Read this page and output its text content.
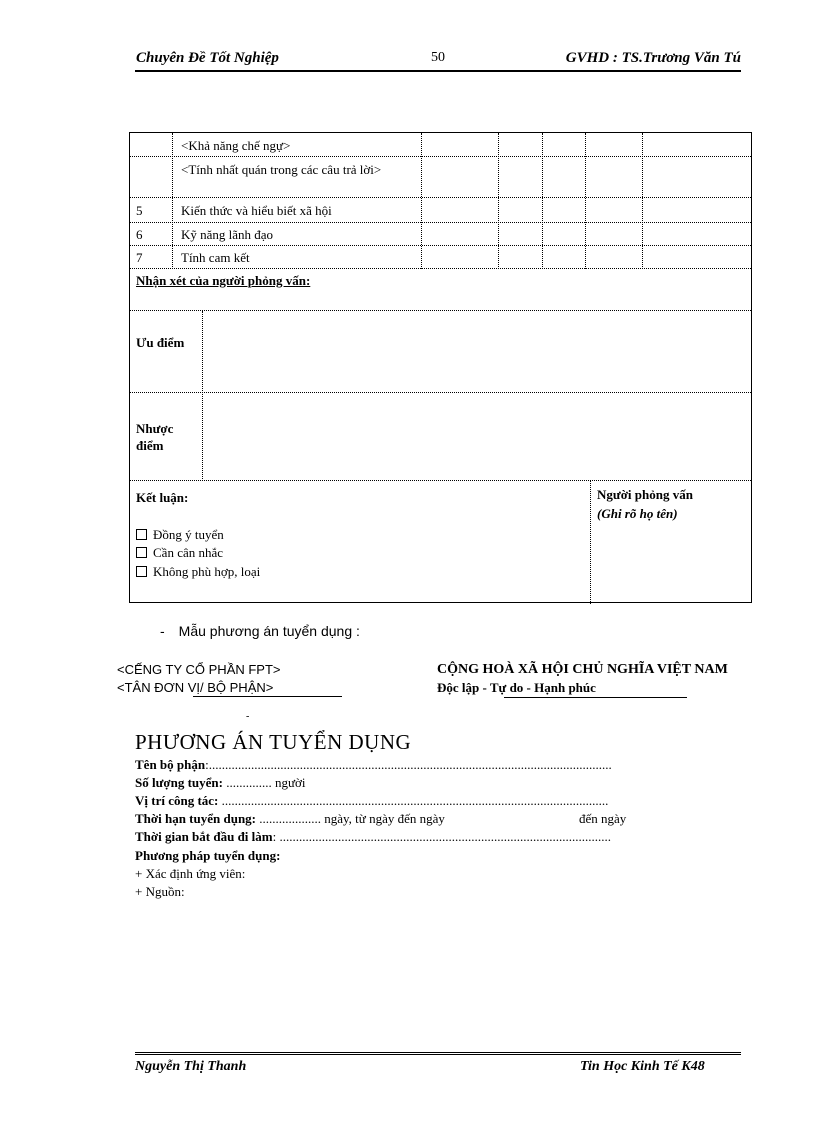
Chuyên Đề Tốt Nghiệp	50	GVHD : TS.Trương Văn Tú
<Khả năng chế ngự>
<Tính nhất quán trong các câu trả lời>
5	Kiến thức và hiểu biết xã hội
6	Kỹ năng lãnh đạo
7	Tính cam kết
Nhận xét của người phỏng vấn:
Ưu điểm
Nhược điểm
Kết luận:
Đồng ý tuyển
Cần cân nhắc
Không phù hợp, loại
Người phỏng vấn
(Ghi rõ họ tên)
- Mẫu phương án tuyển dụng :
<CẾNG TY CỔ PHẦN FPT>
<TÂN ĐƠN VỊ/ BỘ PHẬN>
CỘNG HOÀ XÃ HỘI CHỦ NGHĨA VIỆT NAM
Độc lập - Tự do - Hạnh phúc
-
PHƯƠNG ÁN TUYỂN DỤNG
Tên bộ phận:............................................................................................................................
Số lượng tuyển: .............. người
Vị trí công tác: .......................................................................................................................
Thời hạn tuyển dụng: ................... ngày, từ ngày đến ngày	đến ngày
Thời gian bắt đầu đi làm: ......................................................................................................
Phương pháp tuyển dụng:
+ Xác định ứng viên:
+ Nguồn:
Nguyễn Thị Thanh	Tin Học Kinh Tế K48
